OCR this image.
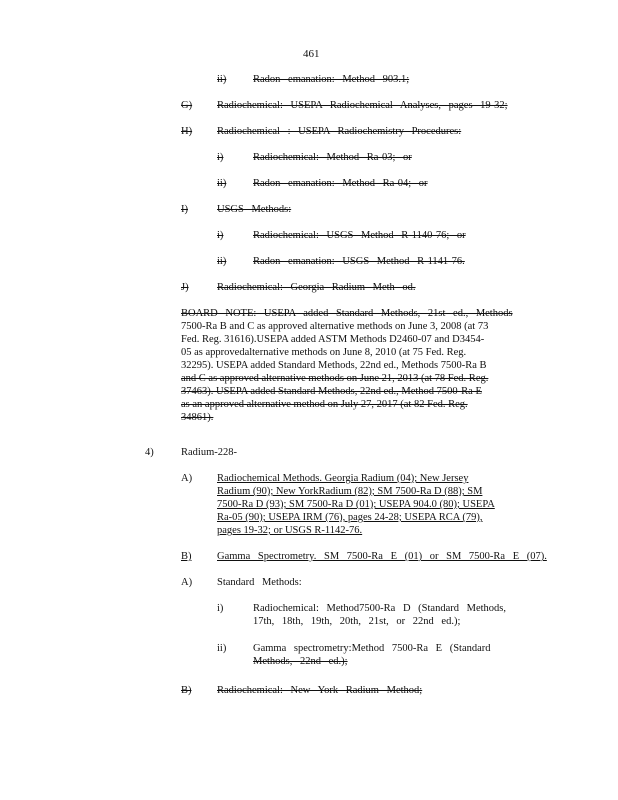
461
ii)	Radon emanation: Method 903.1;
G) Radiochemical: USEPA Radiochemical Analyses, pages 19-32;
H) Radiochemical : USEPA Radiochemistry Procedures:
i)	Radiochemical: Method Ra-03; or
ii)	Radon emanation: Method Ra-04; or
I)	USGS Methods:
i)	Radiochemical: USGS Method R-1140-76; or
ii)	Radon emanation: USGS Method R-1141-76.
J)	Radiochemical: Georgia Radium Meth od.
BOARD NOTE: USEPA added Standard Methods, 21st ed., Methods
7500-Ra B and C as approved alternative methods on June 3, 2008 (at 73
Fed. Reg. 31616).USEPA added ASTM Methods D2460-07 and D3454-
05 as approvedalternative methods on June 8, 2010 (at 75 Fed. Reg.
32295). USEPA added Standard Methods, 22nd ed., Methods 7500-Ra B
and C as approved alternative methods on June 21, 2013 (at 78 Fed. Reg.
37463). USEPA added Standard Methods, 22nd ed., Method 7500-Ra E
as an approved alternative method on July 27, 2017 (at 82 Fed. Reg.
34861).
4)	Radium-228-
A) Radiochemical Methods. Georgia Radium (04); New Jersey
Radium (90); New YorkRadium (82); SM 7500-Ra D (88); SM
7500-Ra D (93); SM 7500-Ra D (01); USEPA 904.0 (80); USEPA
Ra-05 (90); USEPA IRM (76), pages 24-28; USEPA RCA (79),
pages 19-32; or USGS R-1142-76.
B) Gamma Spectrometry. SM 7500-Ra E (01) or SM 7500-Ra E (07).
A) Standard Methods:
i)	Radiochemical: Method7500-Ra D (Standard Methods,
17th, 18th, 19th, 20th, 21st, or 22nd ed.);
ii)	Gamma spectrometry:Method 7500-Ra E (Standard
Methods, 22nd ed.);
B) Radiochemical: New York Radium Method;
